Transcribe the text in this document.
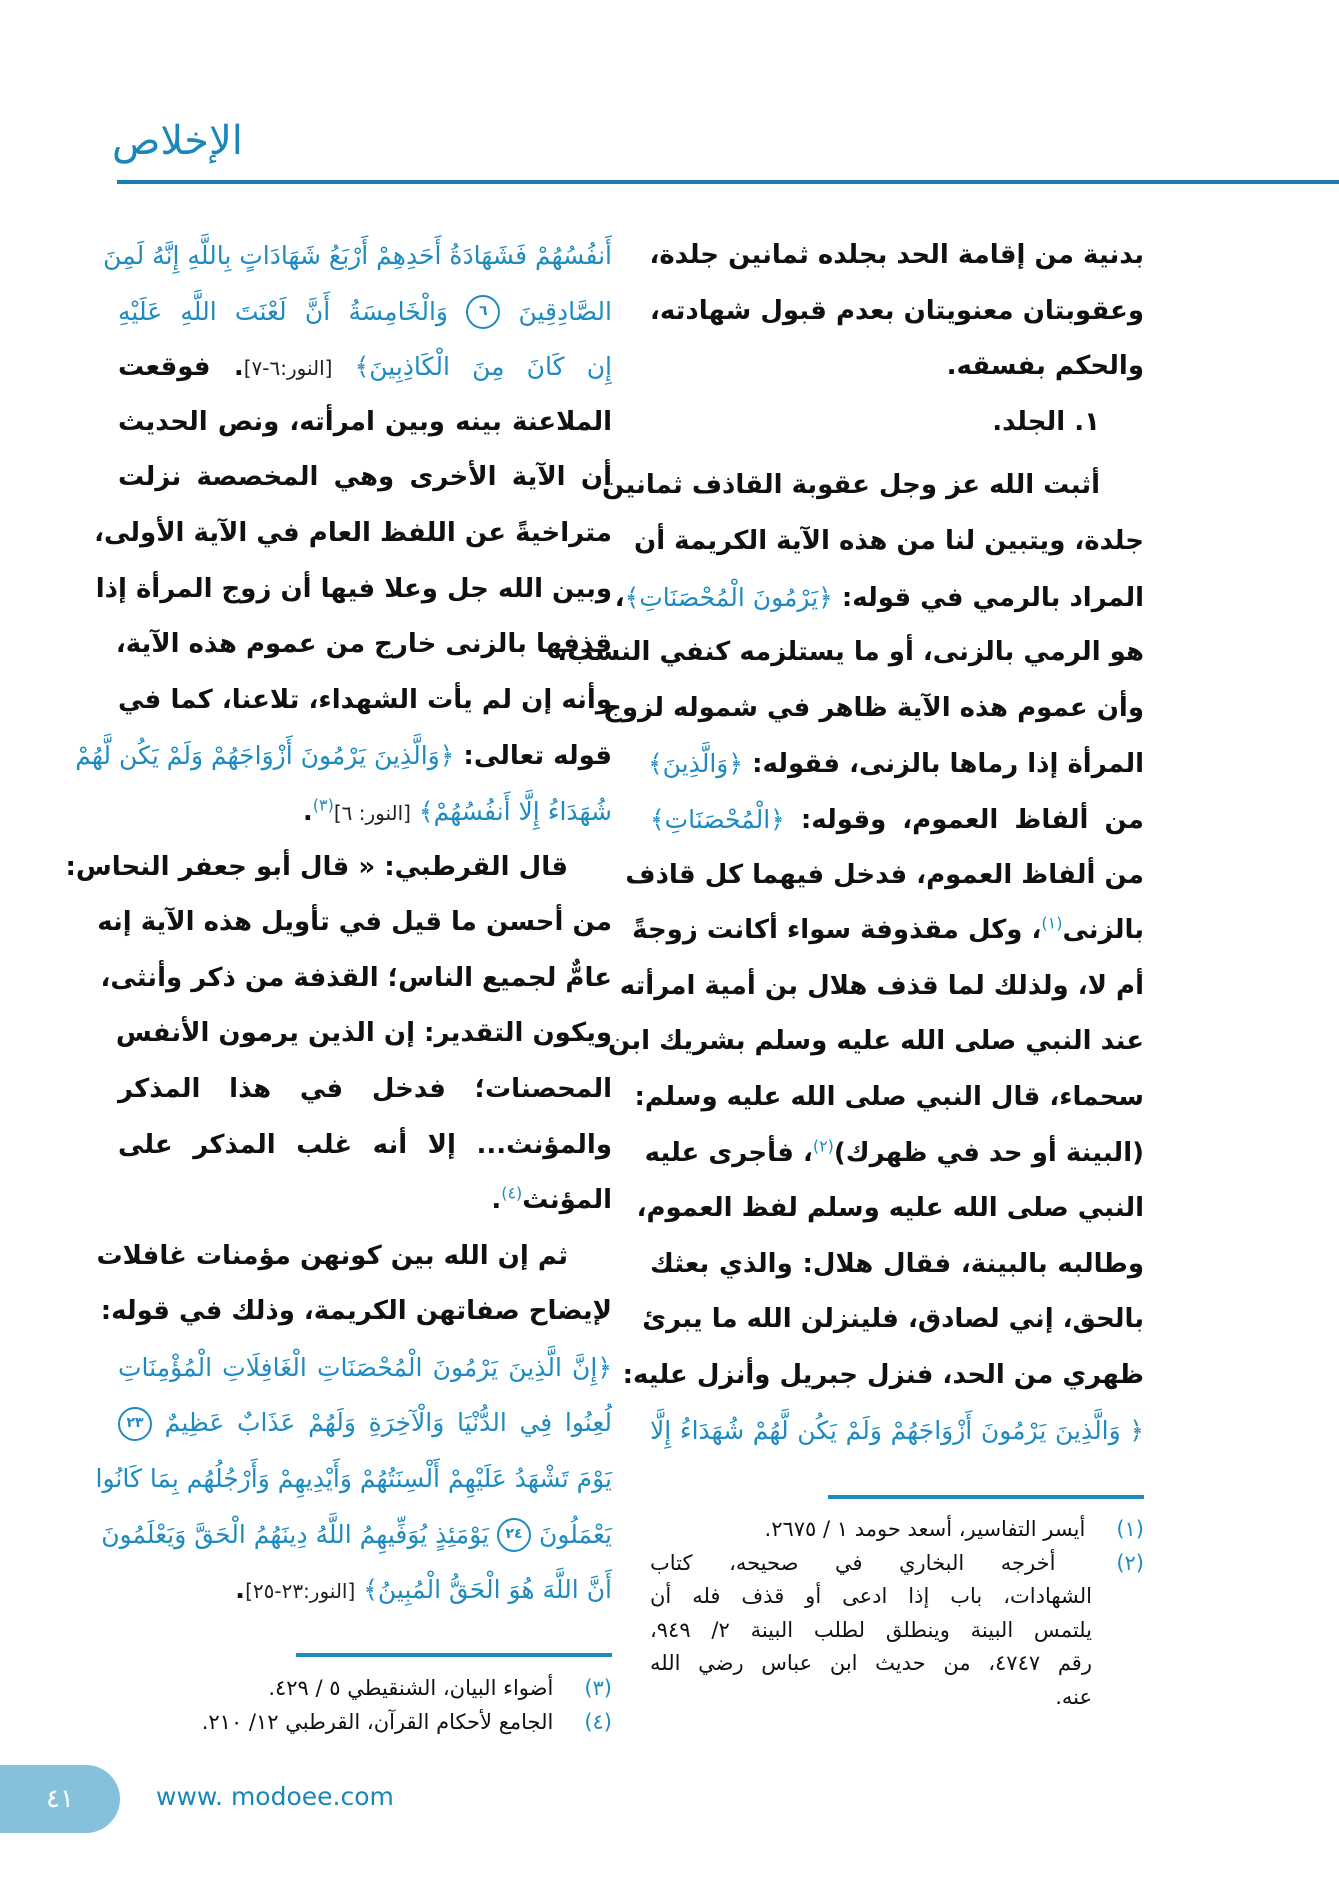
الإخلاص
بدنية من إقامة الحد بجلده ثمانين جلدة،
وعقوبتان معنويتان بعدم قبول شهادته،
والحكم بفسقه.
١. الجلد.
أثبت الله عز وجل عقوبة القاذف ثمانين
جلدة، ويتبين لنا من هذه الآية الكريمة أن
المراد بالرمي في قوله: ﴿يَرْمُونَ الْمُحْصَنَاتِ﴾،
هو الرمي بالزنى، أو ما يستلزمه كنفي النسب،
وأن عموم هذه الآية ظاهر في شموله لزوج
المرأة إذا رماها بالزنى، فقوله: ﴿وَالَّذِينَ﴾
من ألفاظ العموم، وقوله: ﴿الْمُحْصَنَاتِ﴾
من ألفاظ العموم، فدخل فيهما كل قاذف
بالزنى$^{(١)}$، وكل مقذوفة سواء أكانت زوجةً
أم لا، ولذلك لما قذف هلال بن أمية امرأته
عند النبي صلى الله عليه وسلم بشريك ابن
سحماء، قال النبي صلى الله عليه وسلم:
(البينة أو حد في ظهرك)$^{(٢)}$، فأجرى عليه
النبي صلى الله عليه وسلم لفظ العموم،
وطالبه بالبينة، فقال هلال: والذي بعثك
بالحق، إني لصادق، فلينزلن الله ما يبرئ
ظهري من الحد، فنزل جبريل وأنزل عليه:
﴿ وَالَّذِينَ يَرْمُونَ أَزْوَاجَهُمْ وَلَمْ يَكُن لَّهُمْ شُهَدَاءُ إِلَّا
أَنفُسُهُمْ فَشَهَادَةُ أَحَدِهِمْ أَرْبَعُ شَهَادَاتٍ بِاللَّهِ إِنَّهُ لَمِنَ
الصَّادِقِينَ ٦ وَالْخَامِسَةُ أَنَّ لَعْنَتَ اللَّهِ عَلَيْهِ
إِن كَانَ مِنَ الْكَاذِبِينَ﴾ [النور:٦-٧]. فوقعت
الملاعنة بينه وبين امرأته، ونص الحديث
أن الآية الأخرى وهي المخصصة نزلت
متراخيةً عن اللفظ العام في الآية الأولى،
وبين الله جل وعلا فيها أن زوج المرأة إذا
قذفها بالزنى خارج من عموم هذه الآية،
وأنه إن لم يأت الشهداء، تلاعنا، كما في
قوله تعالى: ﴿وَالَّذِينَ يَرْمُونَ أَزْوَاجَهُمْ وَلَمْ يَكُن لَّهُمْ
شُهَدَاءُ إِلَّا أَنفُسُهُمْ﴾ [النور: ٦]$^{(٣)}$.
قال القرطبي: « قال أبو جعفر النحاس:
من أحسن ما قيل في تأويل هذه الآية إنه
عامٌّ لجميع الناس؛ القذفة من ذكر وأنثى،
ويكون التقدير: إن الذين يرمون الأنفس
المحصنات؛ فدخل في هذا المذكر
والمؤنث... إلا أنه غلب المذكر على
المؤنث$^{(٤)}$.
ثم إن الله بين كونهن مؤمنات غافلات
لإيضاح صفاتهن الكريمة، وذلك في قوله:
﴿إِنَّ الَّذِينَ يَرْمُونَ الْمُحْصَنَاتِ الْغَافِلَاتِ الْمُؤْمِنَاتِ
لُعِنُوا فِي الدُّنْيَا وَالْآخِرَةِ وَلَهُمْ عَذَابٌ عَظِيمٌ ٢٣
يَوْمَ تَشْهَدُ عَلَيْهِمْ أَلْسِنَتُهُمْ وَأَيْدِيهِمْ وَأَرْجُلُهُم بِمَا كَانُوا
يَعْمَلُونَ ٢٤ يَوْمَئِذٍ يُوَفِّيهِمُ اللَّهُ دِينَهُمُ الْحَقَّ وَيَعْلَمُونَ
أَنَّ اللَّهَ هُوَ الْحَقُّ الْمُبِينُ﴾ [النور:٢٣-٢٥].
(١) أيسر التفاسير، أسعد حومد ١ / ٢٦٧٥.
(٢) أخرجه البخاري في صحيحه، كتاب
الشهادات، باب إذا ادعى أو قذف فله أن
يلتمس البينة وينطلق لطلب البينة ٢/ ٩٤٩،
رقم ٤٧٤٧، من حديث ابن عباس رضي الله
عنه.
(٣) أضواء البيان، الشنقيطي ٥ / ٤٢٩.
(٤) الجامع لأحكام القرآن، القرطبي ١٢/ ٢١٠.
٤١	www. modoee.com
